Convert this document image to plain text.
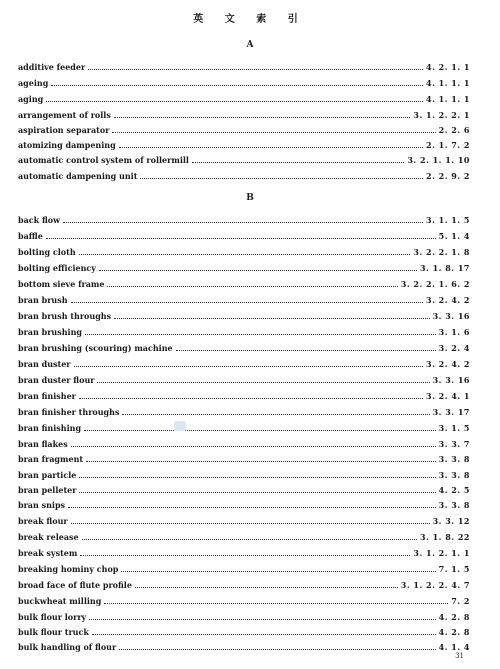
英 文 索 引
A
additive feeder	4. 2. 1. 1
ageing	4. 1. 1. 1
aging	4. 1. 1. 1
arrangement of rolls	3. 1. 2. 2. 1
aspiration separator	2. 2. 6
atomizing dampening	2. 1. 7. 2
automatic control system of rollermill	3. 2. 1. 1. 10
automatic dampening unit	2. 2. 9. 2
B
back flow	3. 1. 1. 5
baffle	5. 1. 4
bolting cloth	3. 2. 2. 1. 8
bolting efficiency	3. 1. 8. 17
bottom sieve frame	3. 2. 2. 1. 6. 2
bran brush	3. 2. 4. 2
bran brush throughs	3. 3. 16
bran brushing	3. 1. 6
bran brushing (scouring) machine	3. 2. 4
bran duster	3. 2. 4. 2
bran duster flour	3. 3. 16
bran finisher	3. 2. 4. 1
bran finisher throughs	3. 3. 17
bran finishing	3. 1. 5
bran flakes	3. 3. 7
bran fragment	3. 3. 8
bran particle	3. 3. 8
bran pelleter	4. 2. 5
bran snips	3. 3. 8
break flour	3. 3. 12
break release	3. 1. 8. 22
break system	3. 1. 2. 1. 1
breaking hominy chop	7. 1. 5
broad face of flute profile	3. 1. 2. 2. 4. 7
buckwheat milling	7. 2
bulk flour lorry	4. 2. 8
bulk flour truck	4. 2. 8
bulk handling of flour	4. 1. 4
31
